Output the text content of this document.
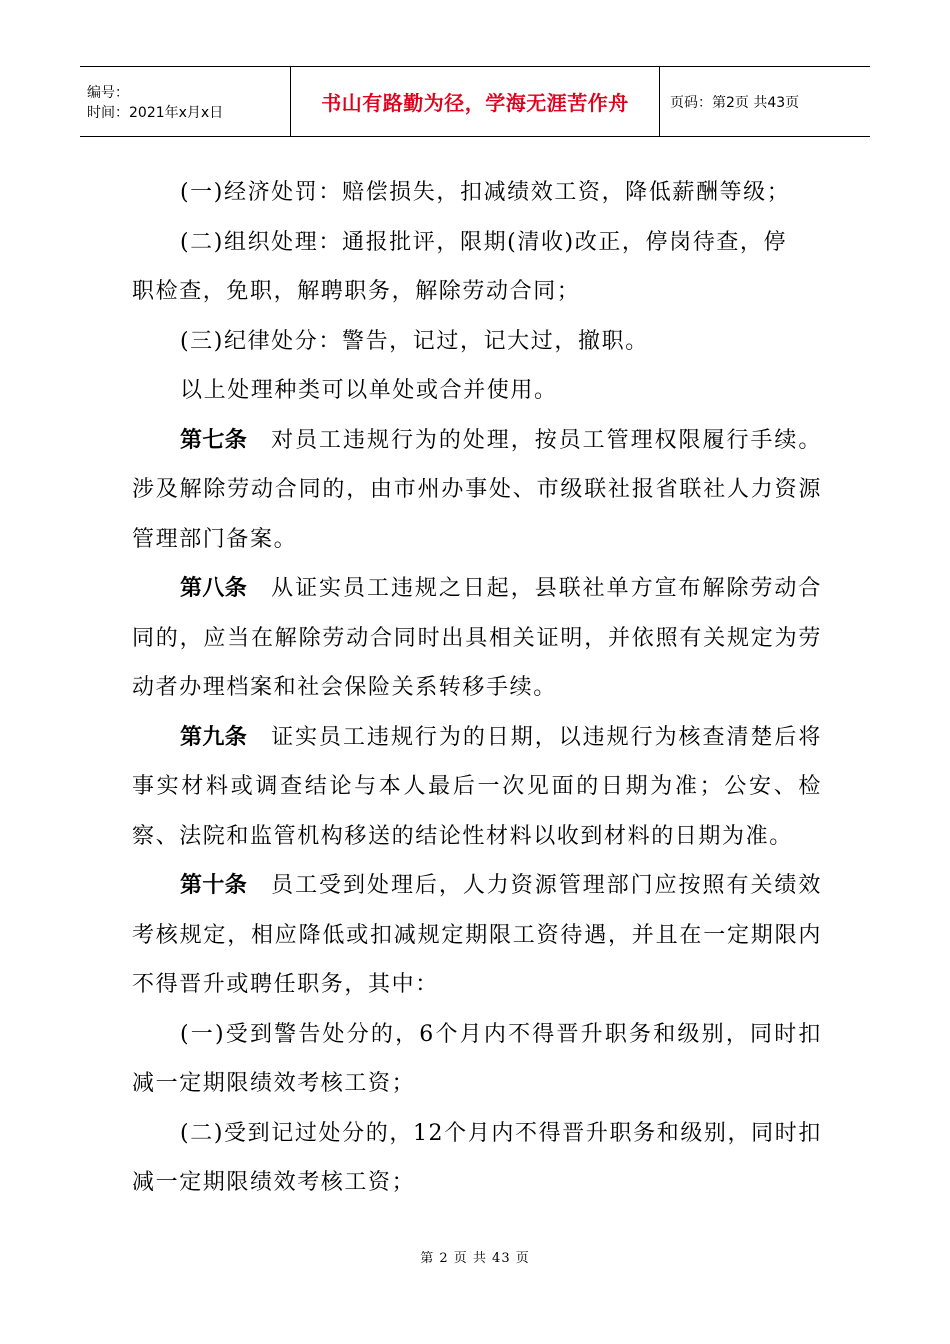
编号：
时间：2021年x月x日	书山有路勤为径，学海无涯苦作舟	页码：第2页 共43页

(一)经济处罚：赔偿损失，扣减绩效工资，降低薪酬等级；

(二)组织处理：通报批评，限期(清收)改正，停岗待查，停

职检查，免职，解聘职务，解除劳动合同；

(三)纪律处分：警告，记过，记大过，撤职。

以上处理种类可以单处或合并使用。

第七条 对员工违规行为的处理，按员工管理权限履行手续。涉及解除劳动合同的，由市州办事处、市级联社报省联社人力资源管理部门备案。

第八条 从证实员工违规之日起，县联社单方宣布解除劳动合同的，应当在解除劳动合同时出具相关证明，并依照有关规定为劳动者办理档案和社会保险关系转移手续。

第九条 证实员工违规行为的日期，以违规行为核查清楚后将事实材料或调查结论与本人最后一次见面的日期为准；公安、检察、法院和监管机构移送的结论性材料以收到材料的日期为准。

第十条 员工受到处理后，人力资源管理部门应按照有关绩效考核规定，相应降低或扣减规定期限工资待遇，并且在一定期限内不得晋升或聘任职务，其中：

(一)受到警告处分的，6个月内不得晋升职务和级别，同时扣减一定期限绩效考核工资；

(二)受到记过处分的，12个月内不得晋升职务和级别，同时扣减一定期限绩效考核工资；

第 2 页 共 43 页
